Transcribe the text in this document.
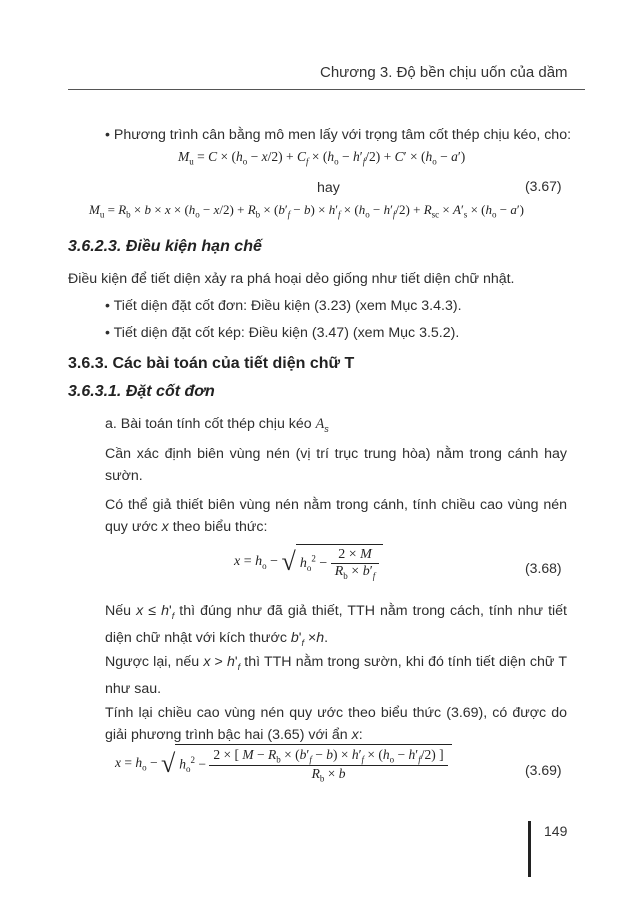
Chương 3. Độ bền chịu uốn của dầm
• Phương trình cân bằng mô men lấy với trọng tâm cốt thép chịu kéo, cho:
$M_u = C \times (h_o - x/2) + C_f \times (h_o - h'_f/2) + C' \times (h_o - a')$
hay	(3.67)
$M_u = R_b \times b \times x \times (h_o - x/2) + R_b \times (b'_f - b) \times h'_f \times (h_o - h'_f/2) + R_{sc} \times A'_s \times (h_o - a')$
3.6.2.3. Điều kiện hạn chế
Điều kiện để tiết diện xảy ra phá hoại dẻo giống như tiết diện chữ nhật.
• Tiết diện đặt cốt đơn: Điều kiện (3.23) (xem Mục 3.4.3).
• Tiết diện đặt cốt kép: Điều kiện (3.47) (xem Mục 3.5.2).
3.6.3. Các bài toán của tiết diện chữ T
3.6.3.1. Đặt cốt đơn
a. Bài toán tính cốt thép chịu kéo $A_s$
Cần xác định biên vùng nén (vị trí trục trung hòa) nằm trong cánh hay sườn.
Có thể giả thiết biên vùng nén nằm trong cánh, tính chiều cao vùng nén quy ước x theo biểu thức:
$x = h_o$ − √ $h_o^2 - \frac{2 \times M}{R_b \times b'_f}$	(3.68)
Nếu $x \le h'_f$ thì đúng như đã giả thiết, TTH nằm trong cách, tính như tiết diện chữ nhật với kích thước $b'_f \times h$.
Ngược lại, nếu $x > h'_f$ thì TTH nằm trong sườn, khi đó tính tiết diện chữ T như sau.
Tính lại chiều cao vùng nén quy ước theo biểu thức (3.69), có được do giải phương trình bậc hai (3.65) với ẩn x:
$x = h_o$ − √ $h_o^2 - \frac{2 \times [ M - R_b \times (b'_f - b) \times h'_f \times (h_o - h'_f/2) ]}{R_b \times b}$	(3.69)
149
